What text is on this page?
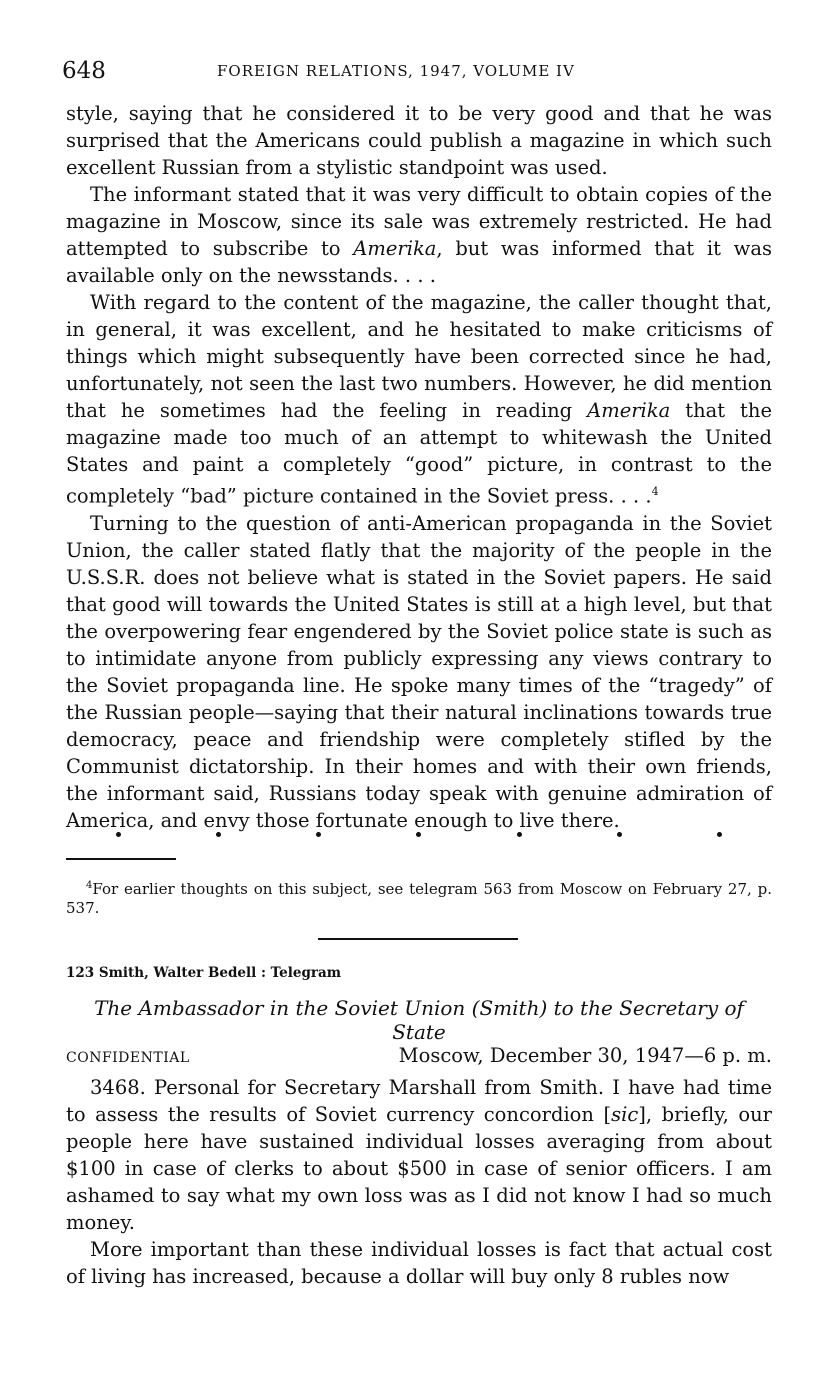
648	FOREIGN RELATIONS, 1947, VOLUME IV

style, saying that he considered it to be very good and that he was surprised that the Americans could publish a magazine in which such excellent Russian from a stylistic standpoint was used.

The informant stated that it was very difficult to obtain copies of the magazine in Moscow, since its sale was extremely restricted. He had attempted to subscribe to Amerika, but was informed that it was available only on the newsstands. . . .

With regard to the content of the magazine, the caller thought that, in general, it was excellent, and he hesitated to make criticisms of things which might subsequently have been corrected since he had, unfortunately, not seen the last two numbers. However, he did mention that he sometimes had the feeling in reading Amerika that the magazine made too much of an attempt to whitewash the United States and paint a completely “good” picture, in contrast to the completely “bad” picture contained in the Soviet press. . . .$^4$

Turning to the question of anti-American propaganda in the Soviet Union, the caller stated flatly that the majority of the people in the U.S.S.R. does not believe what is stated in the Soviet papers. He said that good will towards the United States is still at a high level, but that the overpowering fear engendered by the Soviet police state is such as to intimidate anyone from publicly expressing any views contrary to the Soviet propaganda line. He spoke many times of the “tragedy” of the Russian people—saying that their natural inclinations towards true democracy, peace and friendship were completely stifled by the Communist dictatorship. In their homes and with their own friends, the informant said, Russians today speak with genuine admiration of America, and envy those fortunate enough to live there.

$^4$For earlier thoughts on this subject, see telegram 563 from Moscow on February 27, p. 537.
123 Smith, Walter Bedell : Telegram
The Ambassador in the Soviet Union (Smith) to the Secretary of State
CONFIDENTIAL	Moscow, December 30, 1947—6 p. m.

3468. Personal for Secretary Marshall from Smith. I have had time to assess the results of Soviet currency concordion [sic], briefly, our people here have sustained individual losses averaging from about $100 in case of clerks to about $500 in case of senior officers. I am ashamed to say what my own loss was as I did not know I had so much money.

More important than these individual losses is fact that actual cost of living has increased, because a dollar will buy only 8 rubles now
